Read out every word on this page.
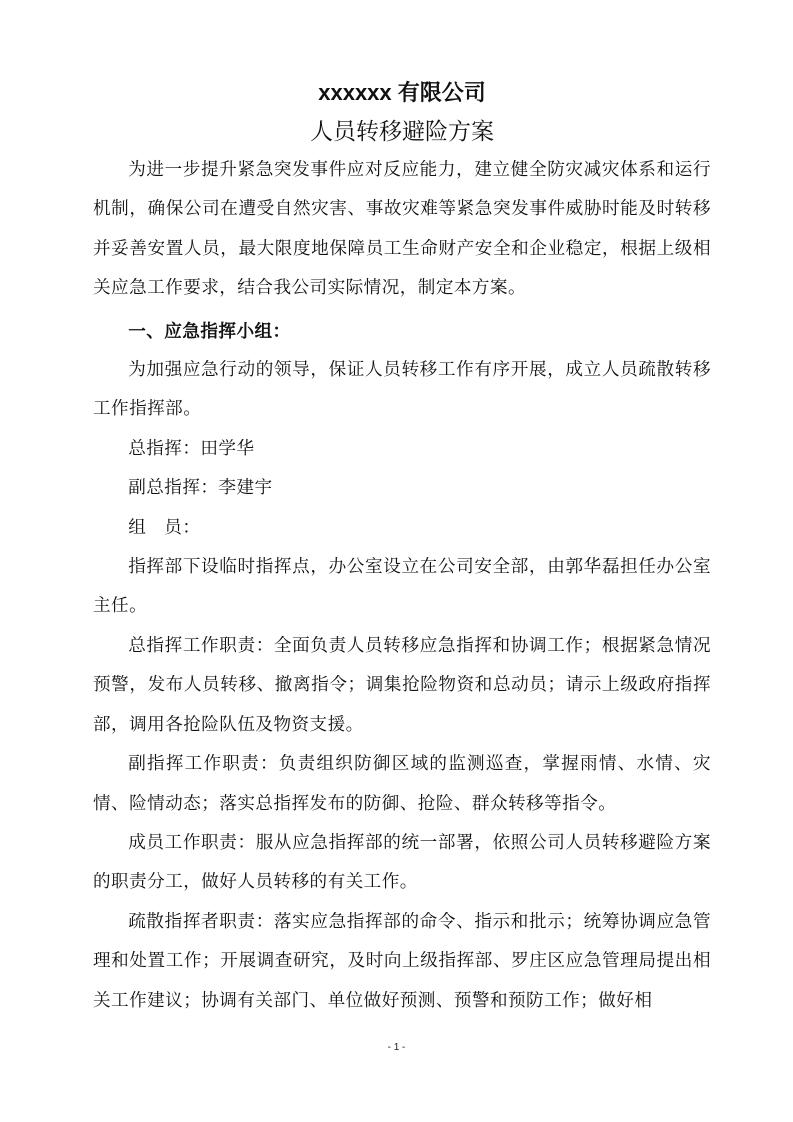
xxxxxx 有限公司
人员转移避险方案

为进一步提升紧急突发事件应对反应能力，建立健全防灾减灾体系和运行机制，确保公司在遭受自然灾害、事故灾难等紧急突发事件威胁时能及时转移并妥善安置人员，最大限度地保障员工生命财产安全和企业稳定，根据上级相关应急工作要求，结合我公司实际情况，制定本方案。

一、应急指挥小组：

为加强应急行动的领导，保证人员转移工作有序开展，成立人员疏散转移工作指挥部。

总指挥：田学华

副总指挥：李建宇

组　员：

指挥部下设临时指挥点，办公室设立在公司安全部，由郭华磊担任办公室主任。

总指挥工作职责：全面负责人员转移应急指挥和协调工作；根据紧急情况预警，发布人员转移、撤离指令；调集抢险物资和总动员；请示上级政府指挥部，调用各抢险队伍及物资支援。

副指挥工作职责：负责组织防御区域的监测巡查，掌握雨情、水情、灾情、险情动态；落实总指挥发布的防御、抢险、群众转移等指令。

成员工作职责：服从应急指挥部的统一部署，依照公司人员转移避险方案的职责分工，做好人员转移的有关工作。

疏散指挥者职责：落实应急指挥部的命令、指示和批示；统筹协调应急管理和处置工作；开展调查研究，及时向上级指挥部、罗庄区应急管理局提出相关工作建议；协调有关部门、单位做好预测、预警和预防工作；做好相

- 1 -
